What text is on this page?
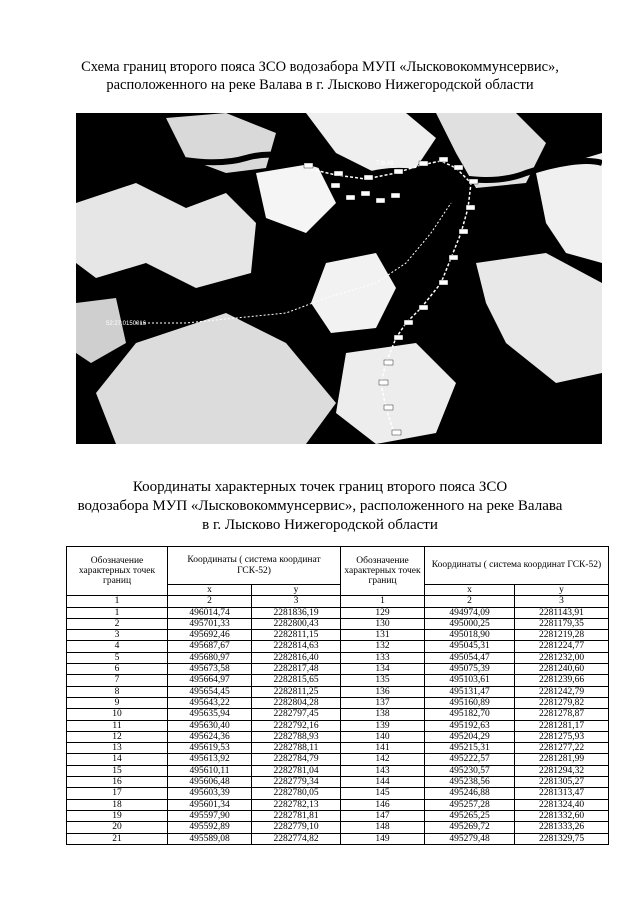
Схема границ второго пояса ЗСО водозабора МУП «Лысковокоммунсервис»,
расположенного на реке Валава в г. Лысково Нижегородской области
Т.Ф.48
52:27:0150016
Координаты характерных точек границ второго пояса ЗСО
водозабора МУП «Лысковокоммунсервис», расположенного на реке Валава
в г. Лысково Нижегородской области
Обозначение характерных точек границ	Координаты ( система координат ГСК-52)		Обозначение характерных точек границ	Координаты ( система координат ГСК-52)	
	x	y		x	y
1	2	3	1	2	3
1	496014,74	2281836,19	129	494974,09	2281143,91
2	495701,33	2282800,43	130	495000,25	2281179,35
3	495692,46	2282811,15	131	495018,90	2281219,28
4	495687,67	2282814,63	132	495045,31	2281224,77
5	495680,97	2282816,40	133	495054,47	2281232,00
6	495673,58	2282817,48	134	495075,39	2281240,60
7	495664,97	2282815,65	135	495103,61	2281239,66
8	495654,45	2282811,25	136	495131,47	2281242,79
9	495643,22	2282804,28	137	495160,89	2281279,82
10	495635,94	2282797,45	138	495182,70	2281278,87
11	495630,40	2282792,16	139	495192,63	2281281,17
12	495624,36	2282788,93	140	495204,29	2281275,93
13	495619,53	2282788,11	141	495215,31	2281277,22
14	495613,92	2282784,79	142	495222,57	2281281,99
15	495610,11	2282781,04	143	495230,57	2281294,32
16	495606,48	2282779,34	144	495238,56	2281305,27
17	495603,39	2282780,05	145	495246,88	2281313,47
18	495601,34	2282782,13	146	495257,28	2281324,40
19	495597,90	2282781,81	147	495265,25	2281332,60
20	495592,89	2282779,10	148	495269,72	2281333,26
21	495589,08	2282774,82	149	495279,48	2281329,75
